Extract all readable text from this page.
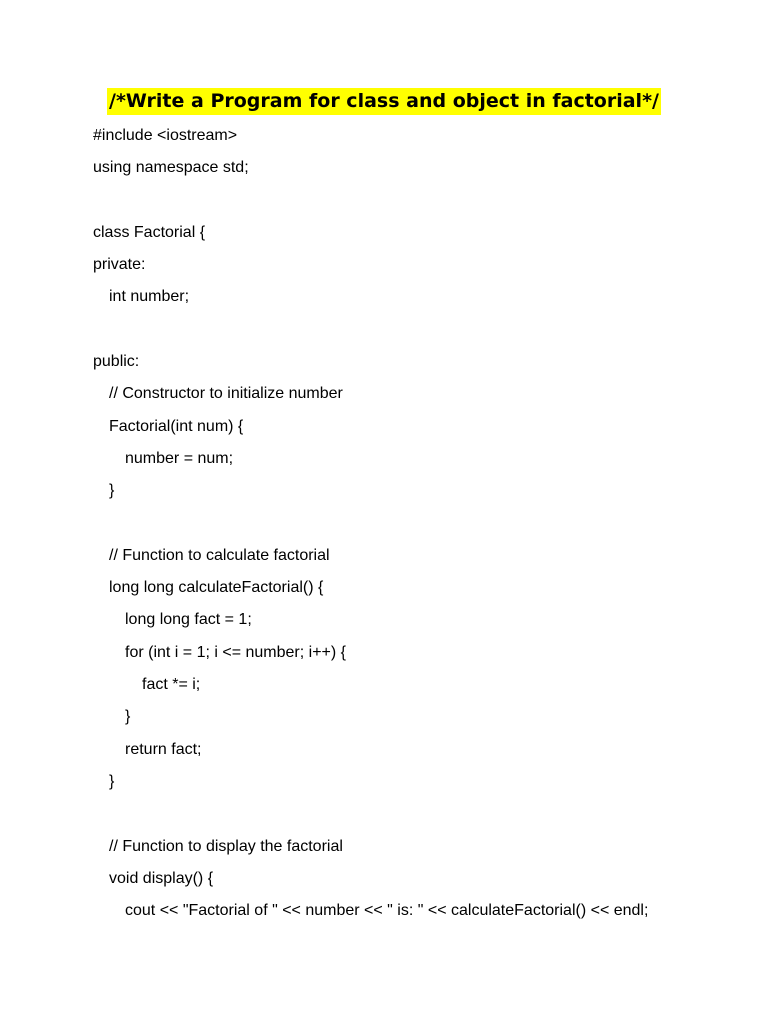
/*Write a Program for class and object in factorial*/
#include <iostream>
using namespace std;
class Factorial {
private:
int number;
public:
// Constructor to initialize number
Factorial(int num) {
number = num;
}
// Function to calculate factorial
long long calculateFactorial() {
long long fact = 1;
for (int i = 1; i <= number; i++) {
fact *= i;
}
return fact;
}
// Function to display the factorial
void display() {
cout << "Factorial of " << number << " is: " << calculateFactorial() << endl;
